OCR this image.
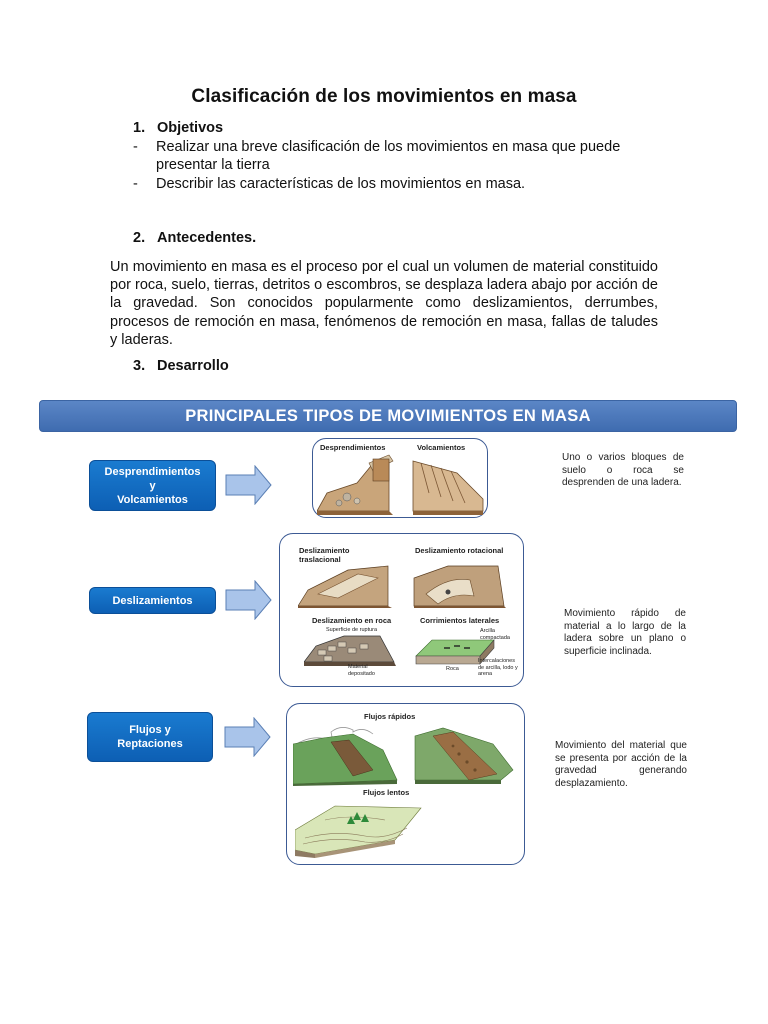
Clasificación de los movimientos en masa
1. Objetivos
- Realizar una breve clasificación de los movimientos en masa que puede presentar la tierra
- Describir las características de los movimientos en masa.
2. Antecedentes.
Un movimiento en masa es el proceso por el cual un volumen de material constituido por roca, suelo, tierras, detritos o escombros, se desplaza ladera abajo por acción de la gravedad. Son conocidos popularmente como deslizamientos, derrumbes, procesos de remoción en masa, fenómenos de remoción en masa, fallas de taludes y laderas.
3. Desarrollo
PRINCIPALES TIPOS DE MOVIMIENTOS EN MASA
Desprendimientos
y
Volcamientos
Desprendimientos	Volcamientos
Uno o varios bloques de suelo o roca se desprenden de una ladera.
Deslizamientos
Deslizamiento traslacional
Deslizamiento rotacional
Deslizamiento en roca	Corrimientos laterales
Superficie de ruptura	Arcilla compactada
Material depositado
Roca
Intercalaciones de arcilla, lodo y arena
Movimiento rápido de material a lo largo de la ladera sobre un plano o superficie inclinada.
Flujos y
Reptaciones
Flujos rápidos
Flujos lentos
Movimiento del material que se presenta por acción de la gravedad generando desplazamiento.
